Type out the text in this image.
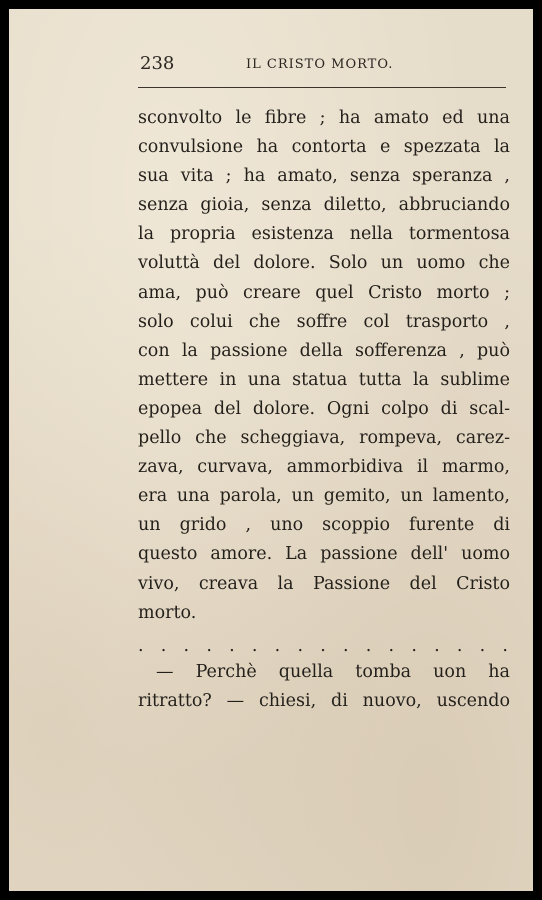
238	IL CRISTO MORTO.
sconvolto le fibre ; ha amato ed una
convulsione ha contorta e spezzata la
sua vita ; ha amato, senza speranza ,
senza gioia, senza diletto, abbruciando
la propria esistenza nella tormentosa
voluttà del dolore. Solo un uomo che
ama, può creare quel Cristo morto ;
solo colui che soffre col trasporto ,
con la passione della sofferenza , può
mettere in una statua tutta la sublime
epopea del dolore. Ogni colpo di scal-
pello che scheggiava, rompeva, carez-
zava, curvava, ammorbidiva il marmo,
era una parola, un gemito, un lamento,
un grido , uno scoppio furente di
questo amore. La passione dell' uomo
vivo, creava la Passione del Cristo
morto.
. . . . . . . . . . . . . . . . .
— Perchè quella tomba uon ha
ritratto? — chiesi, di nuovo, uscendo
